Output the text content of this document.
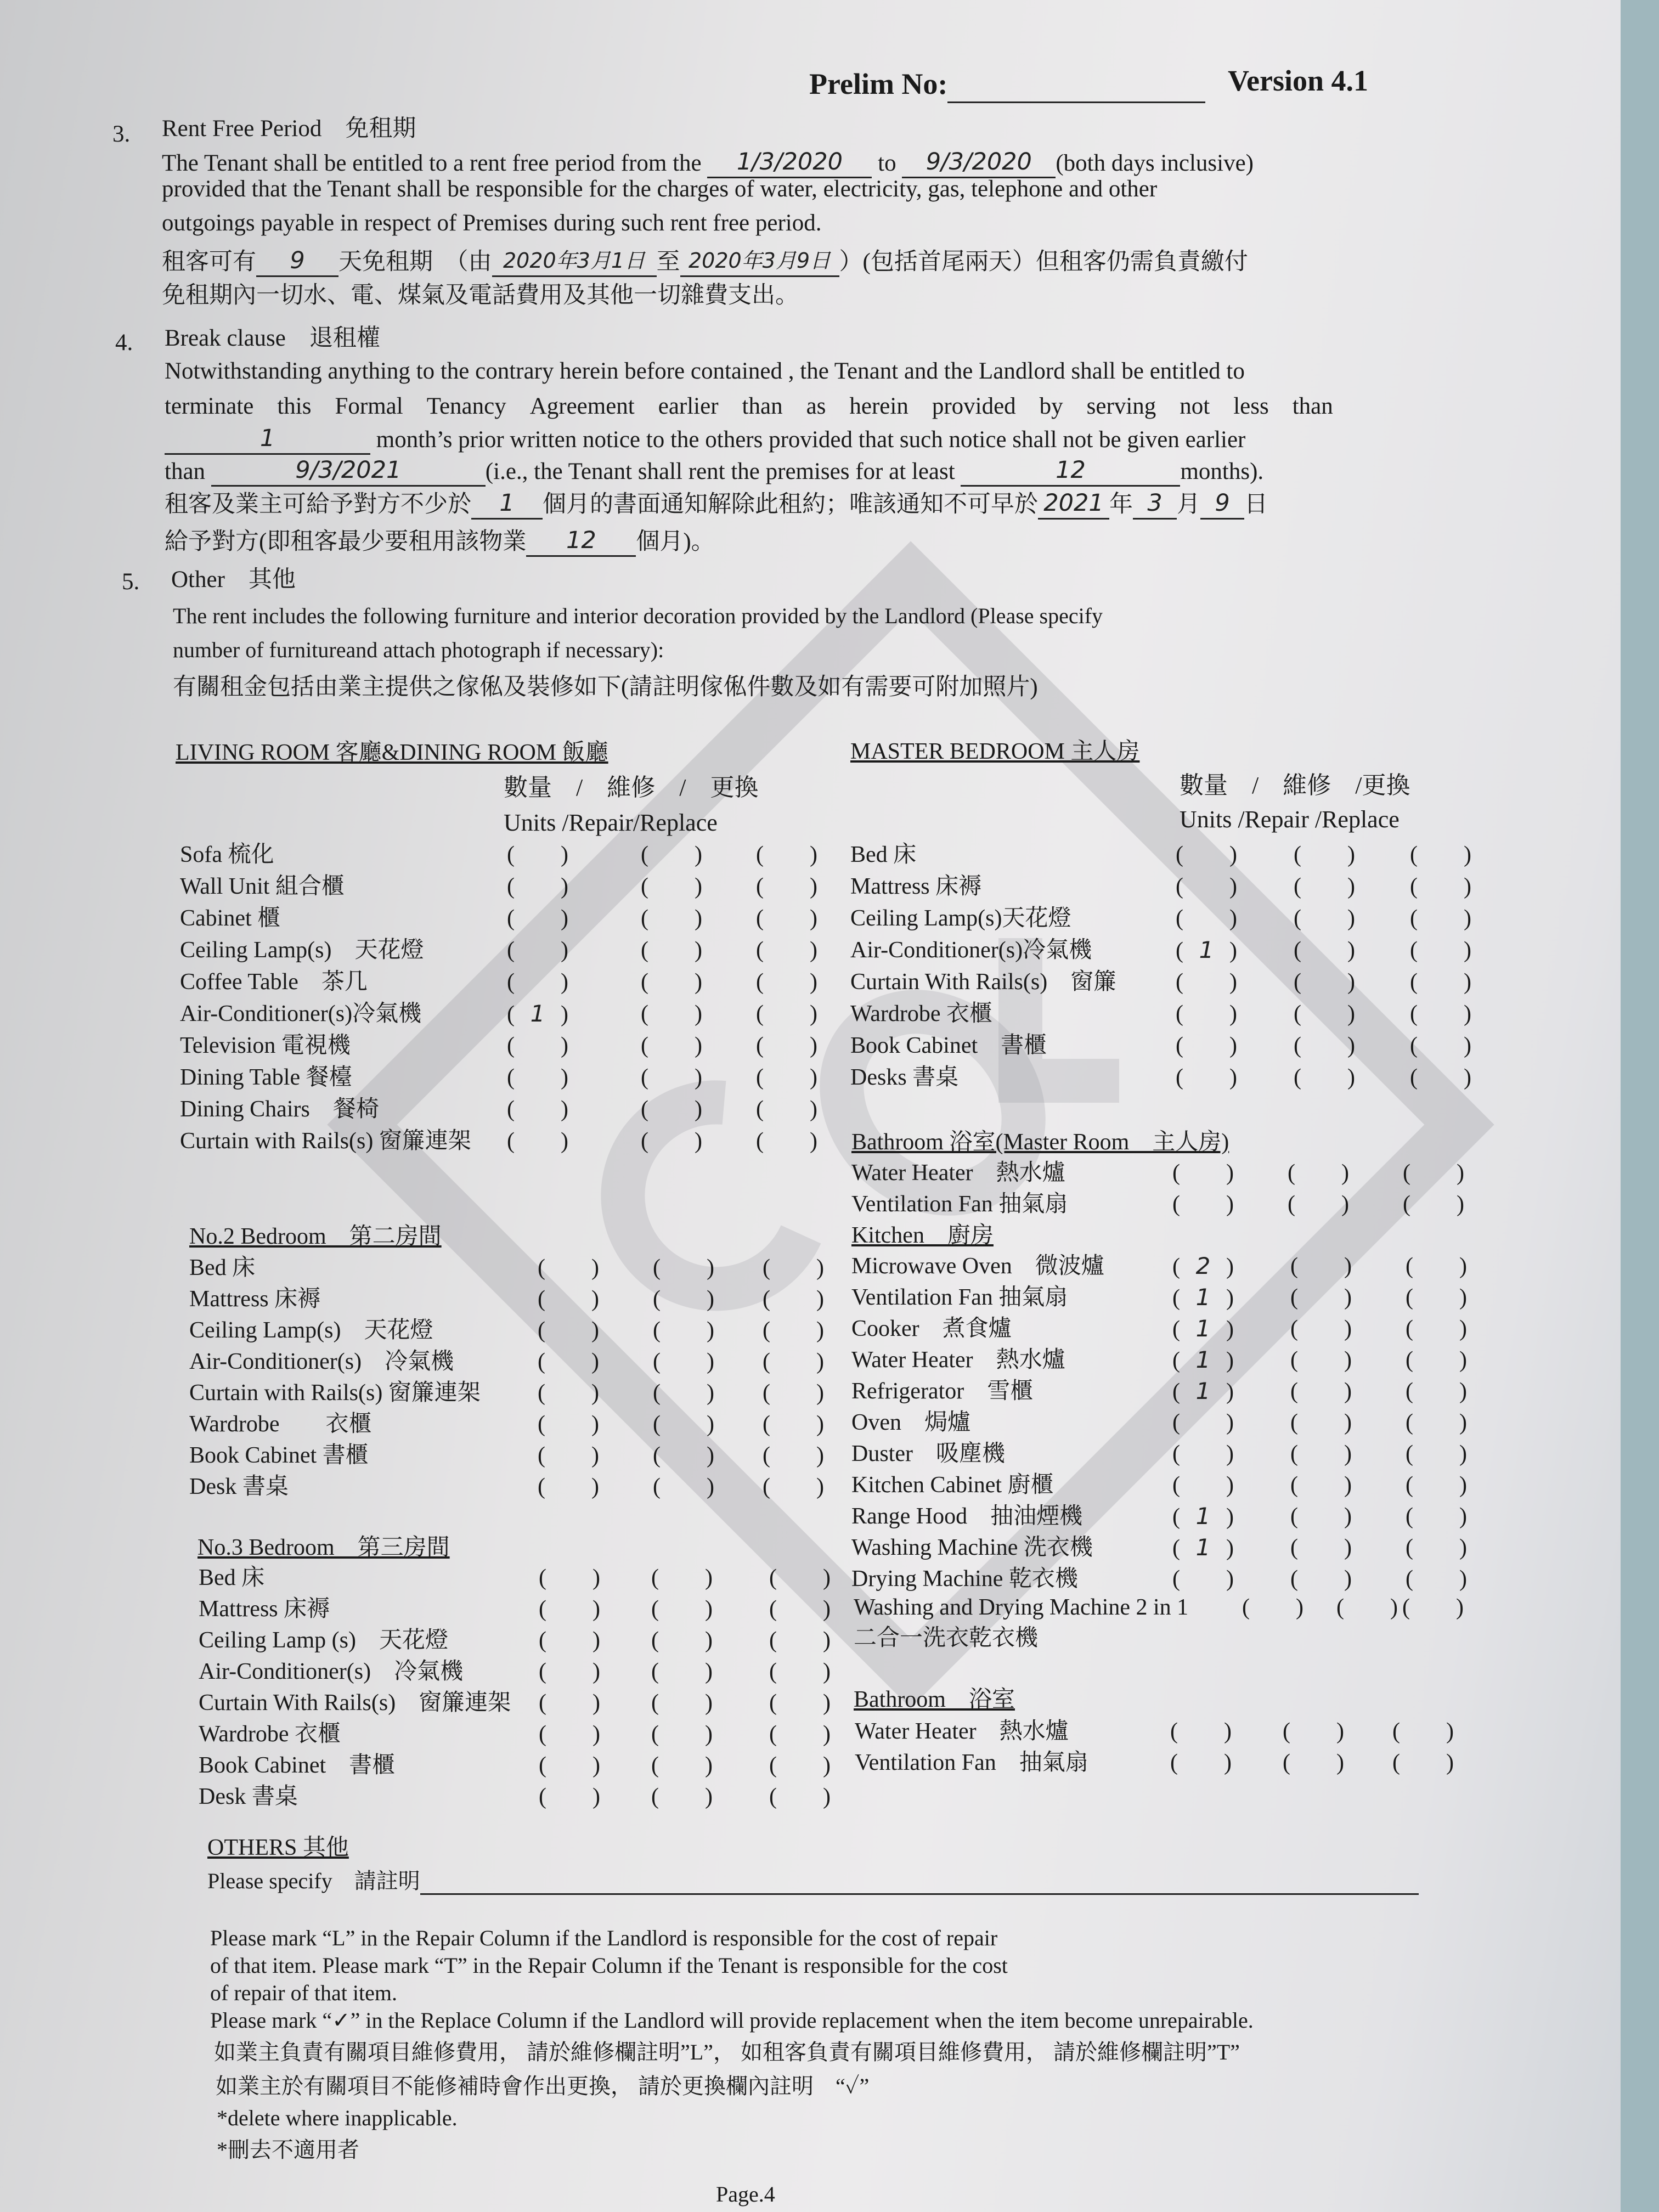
Prelim No:	Version 4.1
3. Rent Free Period　免租期
The Tenant shall be entitled to a rent free period from the 1/3/2020 to 9/3/2020 (both days inclusive)
provided that the Tenant shall be responsible for the charges of water, electricity, gas, telephone and other
outgoings payable in respect of Premises during such rent free period.
租客可有 9 天免租期　（由 2020年3月1日 至 2020年3月9日 ）(包括首尾兩天）但租客仍需負責繳付
免租期內一切水、電、煤氣及電話費用及其他一切雜費支出。
4. Break clause　退租權
Notwithstanding anything to the contrary herein before contained , the Tenant and the Landlord shall be entitled to
terminate　this　Formal　Tenancy　Agreement　earlier　than　as　herein　provided　by　serving　not　less　than
1	month’s prior written notice to the others provided that such notice shall not be given earlier
than	9/3/2021	(i.e., the Tenant shall rent the premises for at least	12	months).
租客及業主可給予對方不少於 1 個月的書面通知解除此租約；唯該通知不可早於 2021 年 3 月 9 日
給予對方(即租客最少要租用該物業 12 個月)。
5. Other　其他
The rent includes the following furniture and interior decoration provided by the Landlord (Please specify
number of furnitureand attach photograph if necessary):
有關租金包括由業主提供之傢俬及裝修如下(請註明傢俬件數及如有需要可附加照片)
LIVING ROOM 客廳&DINING ROOM 飯廳
數量　/　維修　/　更換
Units /Repair/Replace
Sofa 梳化	( )	( ) ( )
Wall Unit 組合櫃	( )	( ) ( )
Cabinet 櫃	( )	( ) ( )
Ceiling Lamp(s)　天花燈	( )	( ) ( )
Coffee Table　茶几	( )	( ) ( )
Air-Conditioner(s)冷氣機	( 1 )	( ) ( )
Television 電視機	( )	( ) ( )
Dining Table 餐檯	( )	( ) ( )
Dining Chairs　餐椅	( )	( ) ( )
Curtain with Rails(s) 窗簾連架 ( )	( ) ( )
No.2 Bedroom　第二房間
Bed 床	( ) ( ) ( )
Mattress 床褥	( ) ( ) ( )
Ceiling Lamp(s)　天花燈	( ) ( ) ( )
Air-Conditioner(s)　冷氣機	( ) ( ) ( )
Curtain with Rails(s) 窗簾連架 ( ) ( ) ( )
Wardrobe　　衣櫃	( ) ( ) ( )
Book Cabinet 書櫃	( ) ( ) ( )
Desk 書桌	( ) ( ) ( )
No.3 Bedroom　第三房間
Bed 床	( ) ( ) ( )
Mattress 床褥	( ) ( ) ( )
Ceiling Lamp (s)　天花燈	( ) ( ) ( )
Air-Conditioner(s)　冷氣機	( ) ( ) ( )
Curtain With Rails(s)　窗簾連架 ( ) ( ) ( )
Wardrobe 衣櫃	( ) ( ) ( )
Book Cabinet　書櫃	( ) ( ) ( )
Desk 書桌	( ) ( ) ( )
MASTER BEDROOM 主人房
數量　/　維修　/更換
Units /Repair /Replace
Bed 床	( ) ( ) ( )
Mattress 床褥	( ) ( ) ( )
Ceiling Lamp(s)天花燈	( ) ( ) ( )
Air-Conditioner(s)冷氣機	( 1 ) ( ) ( )
Curtain With Rails(s)　窗簾	( ) ( ) ( )
Wardrobe 衣櫃	( ) ( ) ( )
Book Cabinet　書櫃	( ) ( ) ( )
Desks 書桌	( ) ( ) ( )
Bathroom 浴室(Master Room　主人房)
Water Heater　熱水爐	( ) ( ) ( )
Ventilation Fan 抽氣扇	( ) ( ) ( )
Kitchen　廚房
Microwave Oven　微波爐	( 2 ) ( ) ( )
Ventilation Fan 抽氣扇	( 1 ) ( ) ( )
Cooker　煮食爐	( 1 ) ( ) ( )
Water Heater　熱水爐	( 1 ) ( ) ( )
Refrigerator　雪櫃	( 1 ) ( ) ( )
Oven　焗爐	( ) ( ) ( )
Duster　吸塵機	( ) ( ) ( )
Kitchen Cabinet 廚櫃	( ) ( ) ( )
Range Hood　抽油煙機	( 1 ) ( ) ( )
Washing Machine 洗衣機	( 1 ) ( ) ( )
Drying Machine 乾衣機	( ) ( ) ( )
Washing and Drying Machine 2 in 1 (　　) (　　) (　　)
二合一洗衣乾衣機
Bathroom　浴室
Water Heater　熱水爐	( ) ( ) ( )
Ventilation Fan　抽氣扇	( ) ( ) ( )
OTHERS 其他
Please specify　請註明
Please mark “L” in the Repair Column if the Landlord is responsible for the cost of repair
of that item. Please mark “T” in the Repair Column if the Tenant is responsible for the cost
of repair of that item.
Please mark “✓” in the Replace Column if the Landlord will provide replacement when the item become unrepairable.
如業主負責有關項目維修費用， 請於維修欄註明”L”， 如租客負責有關項目維修費用， 請於維修欄註明”T”
如業主於有關項目不能修補時會作出更換， 請於更換欄內註明　“✓”
*delete where inapplicable.
*刪去不適用者
Page.4
